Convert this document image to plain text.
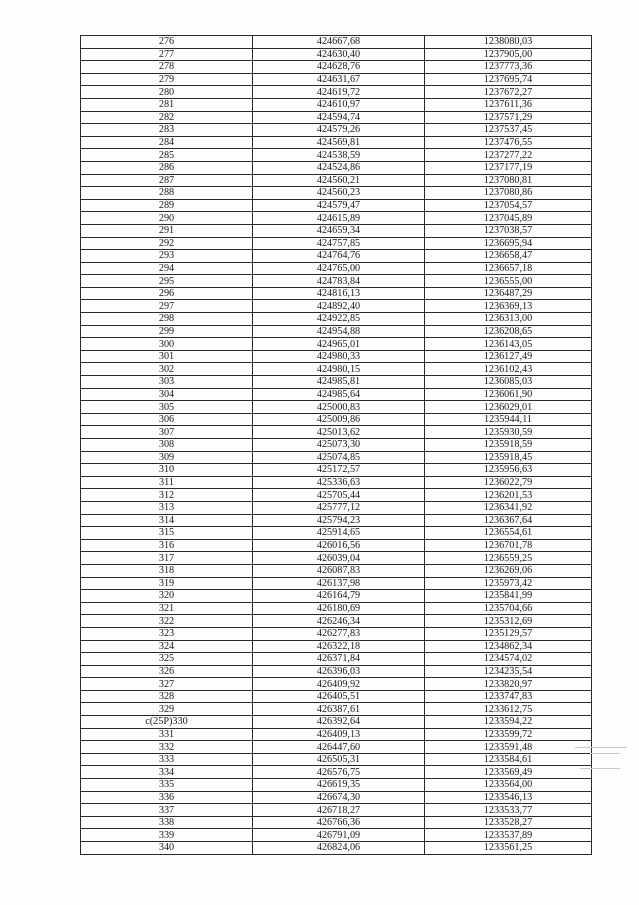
276	424667,68	1238080,03
277	424630,40	1237905,00
278	424628,76	1237773,36
279	424631,67	1237695,74
280	424619,72	1237672,27
281	424610,97	1237611,36
282	424594,74	1237571,29
283	424579,26	1237537,45
284	424569,81	1237476,55
285	424538,59	1237277,22
286	424524,86	1237177,19
287	424560,21	1237080,81
288	424560,23	1237080,86
289	424579,47	1237054,57
290	424615,89	1237045,89
291	424659,34	1237038,57
292	424757,85	1236695,94
293	424764,76	1236658,47
294	424765,00	1236657,18
295	424783,84	1236555,00
296	424816,13	1236487,29
297	424892,40	1236369,13
298	424922,85	1236313,00
299	424954,88	1236208,65
300	424965,01	1236143,05
301	424980,33	1236127,49
302	424980,15	1236102,43
303	424985,81	1236085,03
304	424985,64	1236061,90
305	425000,83	1236029,01
306	425009,86	1235944,11
307	425013,62	1235930,59
308	425073,30	1235918,59
309	425074,85	1235918,45
310	425172,57	1235956,63
311	425336,63	1236022,79
312	425705,44	1236201,53
313	425777,12	1236341,92
314	425794,23	1236367,64
315	425914,65	1236554,61
316	426016,56	1236701,78
317	426039,04	1236559,25
318	426087,83	1236269,06
319	426137,98	1235973,42
320	426164,79	1235841,99
321	426180,69	1235704,66
322	426246,34	1235312,69
323	426277,83	1235129,57
324	426322,18	1234862,34
325	426371,84	1234574,02
326	426396,03	1234235,54
327	426409,92	1233820,97
328	426405,51	1233747,83
329	426387,61	1233612,75
c(25P)330	426392,64	1233594,22
331	426409,13	1233599,72
332	426447,60	1233591,48
333	426505,31	1233584,61
334	426576,75	1233569,49
335	426619,35	1233564,00
336	426674,30	1233546,13
337	426718,27	1233533,77
338	426766,36	1233528,27
339	426791,09	1233537,89
340	426824,06	1233561,25
